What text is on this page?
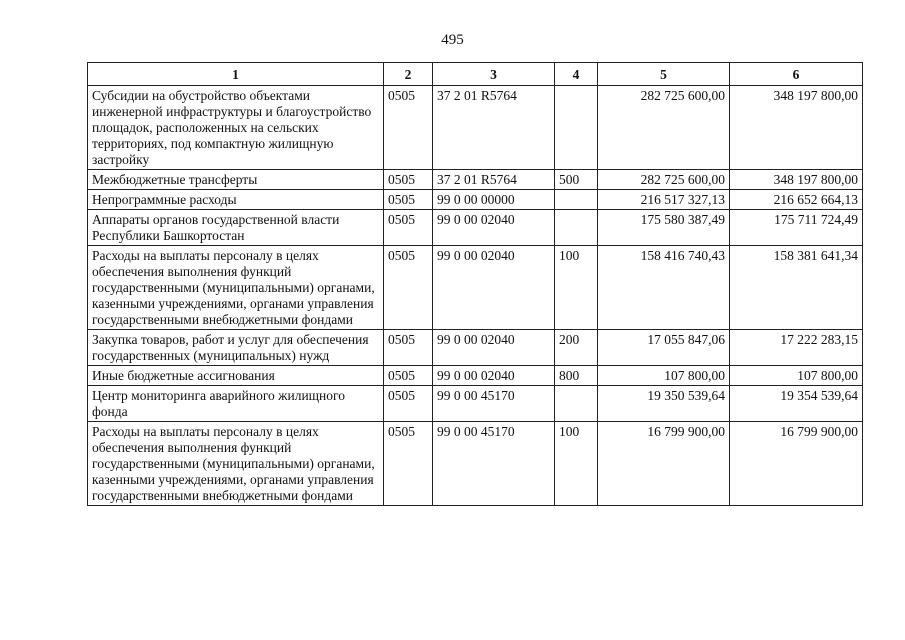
495
1	2	3	4	5	6
Субсидии на обустройство объектами инженерной инфраструктуры и благоустройство площадок, расположенных на сельских территориях, под компактную жилищную застройку	0505	37 2 01 R5764		282 725 600,00	348 197 800,00
Межбюджетные трансферты	0505	37 2 01 R5764	500	282 725 600,00	348 197 800,00
Непрограммные расходы	0505	99 0 00 00000		216 517 327,13	216 652 664,13
Аппараты органов государственной власти Республики Башкортостан	0505	99 0 00 02040		175 580 387,49	175 711 724,49
Расходы на выплаты персоналу в целях обеспечения выполнения функций государственными (муниципальными) органами, казенными учреждениями, органами управления государственными внебюджетными фондами	0505	99 0 00 02040	100	158 416 740,43	158 381 641,34
Закупка товаров, работ и услуг для обеспечения государственных (муниципальных) нужд	0505	99 0 00 02040	200	17 055 847,06	17 222 283,15
Иные бюджетные ассигнования	0505	99 0 00 02040	800	107 800,00	107 800,00
Центр мониторинга аварийного жилищного фонда	0505	99 0 00 45170		19 350 539,64	19 354 539,64
Расходы на выплаты персоналу в целях обеспечения выполнения функций государственными (муниципальными) органами, казенными учреждениями, органами управления государственными внебюджетными фондами	0505	99 0 00 45170	100	16 799 900,00	16 799 900,00
